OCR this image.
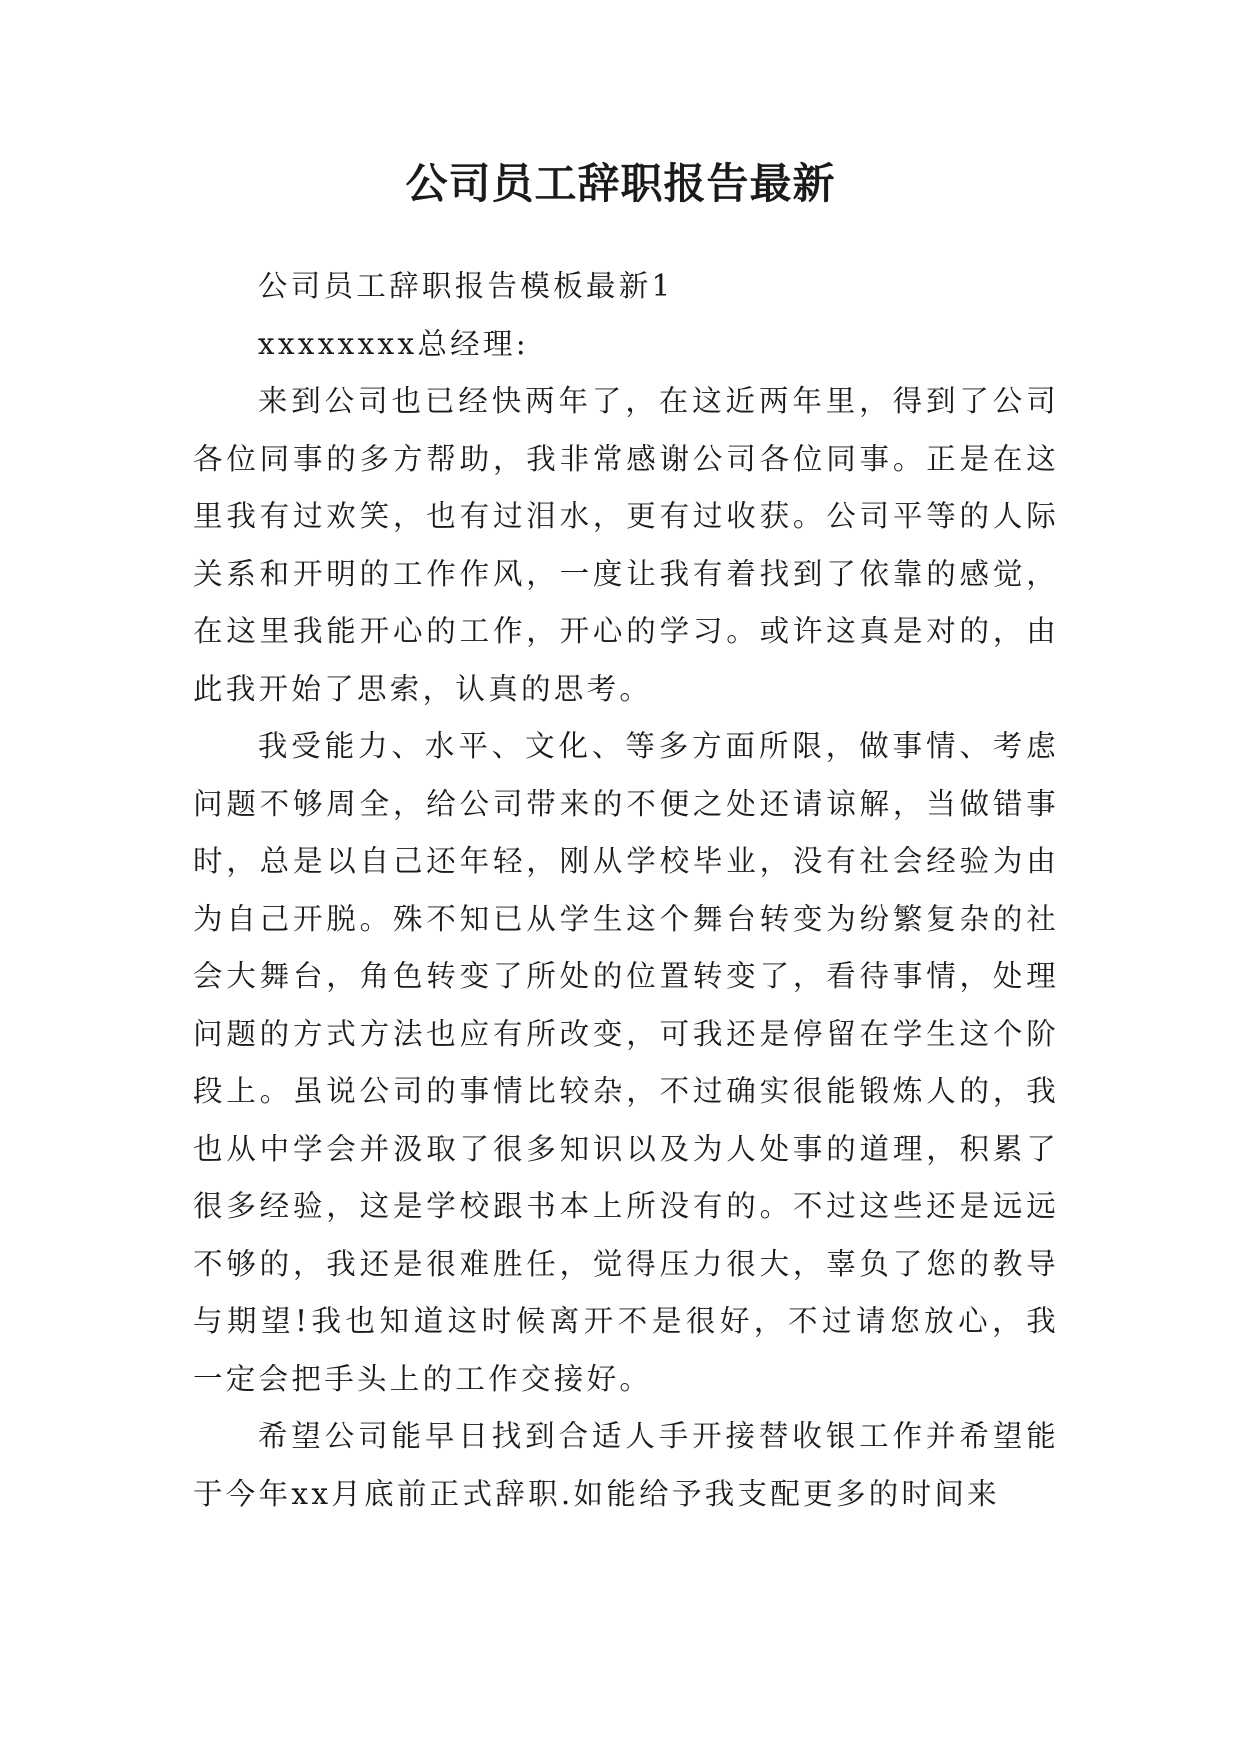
公司员工辞职报告最新

公司员工辞职报告模板最新1

xxxxxxxx总经理:

来到公司也已经快两年了，在这近两年里，得到了公司各位同事的多方帮助，我非常感谢公司各位同事。正是在这里我有过欢笑，也有过泪水，更有过收获。公司平等的人际关系和开明的工作作风，一度让我有着找到了依靠的感觉，在这里我能开心的工作，开心的学习。或许这真是对的，由此我开始了思索，认真的思考。

我受能力、水平、文化、等多方面所限，做事情、考虑问题不够周全，给公司带来的不便之处还请谅解，当做错事时，总是以自己还年轻，刚从学校毕业，没有社会经验为由为自己开脱。殊不知已从学生这个舞台转变为纷繁复杂的社会大舞台，角色转变了所处的位置转变了，看待事情，处理问题的方式方法也应有所改变，可我还是停留在学生这个阶段上。虽说公司的事情比较杂，不过确实很能锻炼人的，我也从中学会并汲取了很多知识以及为人处事的道理，积累了很多经验，这是学校跟书本上所没有的。不过这些还是远远不够的，我还是很难胜任，觉得压力很大，辜负了您的教导与期望!我也知道这时候离开不是很好，不过请您放心，我一定会把手头上的工作交接好。

希望公司能早日找到合适人手开接替收银工作并希望能于今年xx月底前正式辞职.如能给予我支配更多的时间来
